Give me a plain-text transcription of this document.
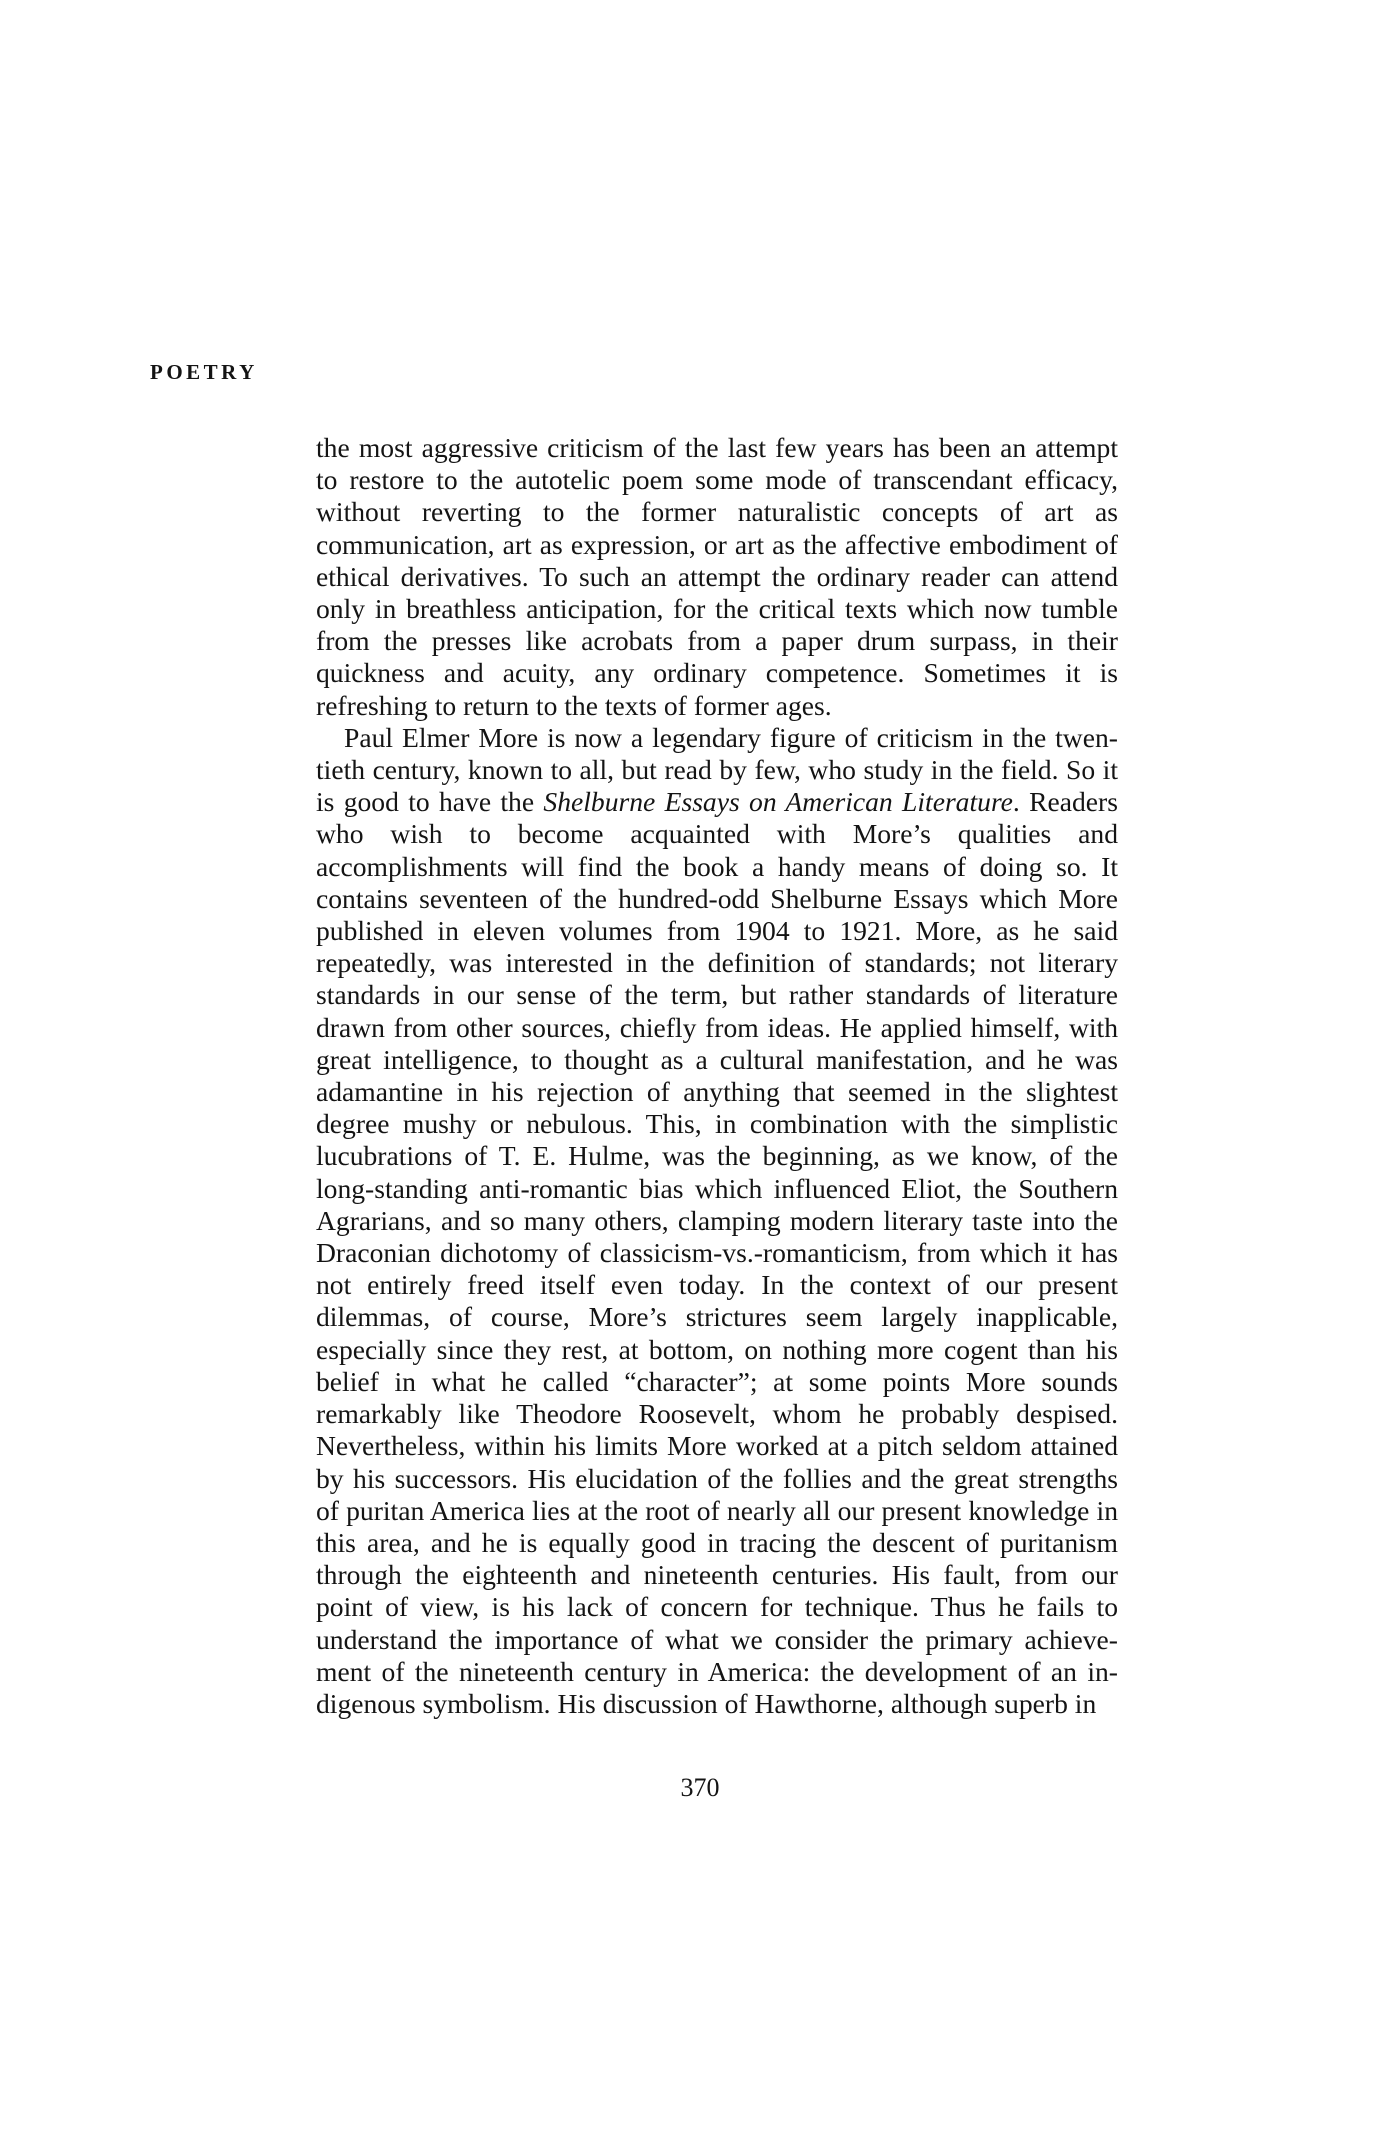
POETRY

the most aggressive criticism of the last few years has been an attempt to restore to the autotelic poem some mode of transcendant efficacy, without reverting to the former naturalistic concepts of art as communication, art as expression, or art as the affective embodiment of ethical derivatives. To such an attempt the ordinary reader can attend only in breathless anticipation, for the critical texts which now tumble from the presses like acrobats from a paper drum surpass, in their quickness and acuity, any ordinary competence. Sometimes it is refreshing to return to the texts of former ages.

Paul Elmer More is now a legendary figure of criticism in the twentieth century, known to all, but read by few, who study in the field. So it is good to have the Shelburne Essays on American Literature. Readers who wish to become acquainted with More’s qualities and accomplishments will find the book a handy means of doing so. It contains seventeen of the hundred-odd Shelburne Essays which More published in eleven volumes from 1904 to 1921. More, as he said repeatedly, was interested in the definition of standards; not literary standards in our sense of the term, but rather standards of literature drawn from other sources, chiefly from ideas. He applied himself, with great intelligence, to thought as a cultural manifestation, and he was adamantine in his rejection of anything that seemed in the slightest degree mushy or nebulous. This, in combination with the simplistic lucubrations of T. E. Hulme, was the beginning, as we know, of the long-standing anti-romantic bias which influenced Eliot, the Southern Agrarians, and so many others, clamping modern literary taste into the Draconian dichotomy of classicism-vs.-romanticism, from which it has not entirely freed itself even today. In the context of our present dilemmas, of course, More’s strictures seem largely inapplicable, especially since they rest, at bottom, on nothing more cogent than his belief in what he called “character”; at some points More sounds remarkably like Theodore Roosevelt, whom he probably despised. Nevertheless, within his limits More worked at a pitch seldom attained by his successors. His elucidation of the follies and the great strengths of puritan America lies at the root of nearly all our present knowledge in this area, and he is equally good in tracing the descent of puritanism through the eighteenth and nineteenth centuries. His fault, from our point of view, is his lack of concern for technique. Thus he fails to understand the importance of what we consider the primary achievement of the nineteenth century in America: the development of an indigenous symbolism. His discussion of Hawthorne, although superb in

370
